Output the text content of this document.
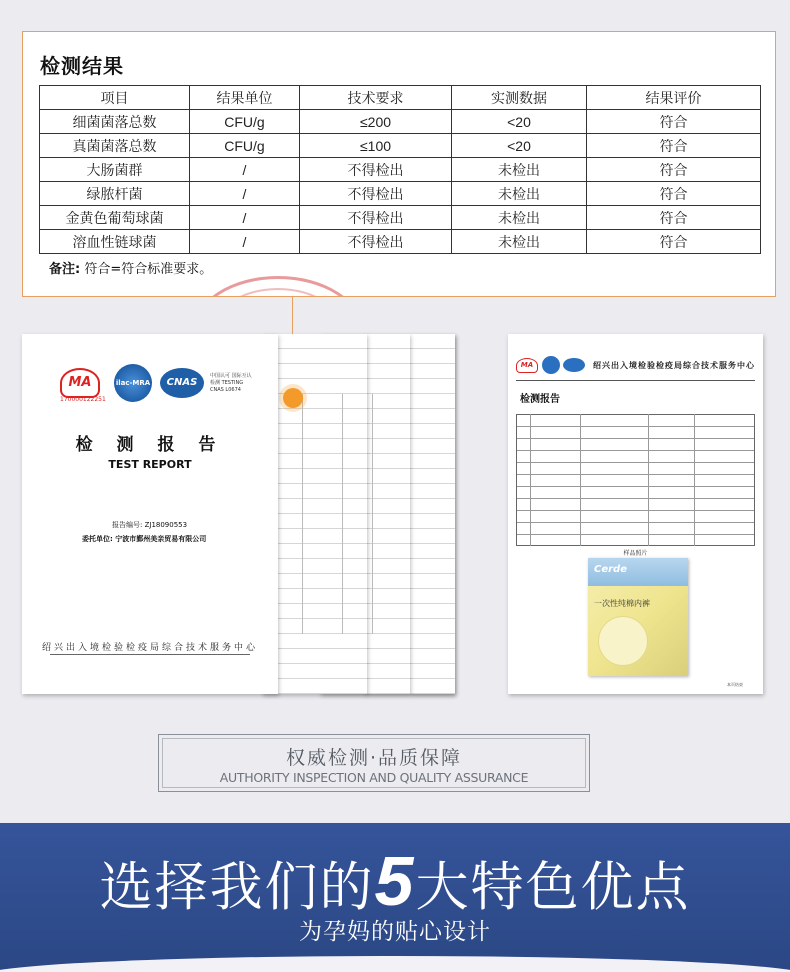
检测结果
项目	结果单位	技术要求	实测数据	结果评价
细菌菌落总数	CFU/g	≤200	<20	符合
真菌菌落总数	CFU/g	≤100	<20	符合
大肠菌群	/	不得检出	未检出	符合
绿脓杆菌	/	不得检出	未检出	符合
金黄色葡萄球菌	/	不得检出	未检出	符合
溶血性链球菌	/	不得检出	未检出	符合
备注: 符合=符合标准要求。
MA	ilac-MRA	CNAS
中国认可 国际互认 检测 TESTING CNAS L0674
170000122251
检 测 报 告
TEST REPORT
报告编号: ZJ18090553
委托单位: 宁波市鄞州美亲贸易有限公司
绍兴出入境检验检疫局综合技术服务中心
MA	绍兴出入境检验检疫局综合技术服务中心
检测报告
样品照片
Cerde
一次性纯棉内裤
本页结束
权威检测·品质保障
AUTHORITY INSPECTION AND QUALITY ASSURANCE
选择我们的5大特色优点
为孕妈的贴心设计
